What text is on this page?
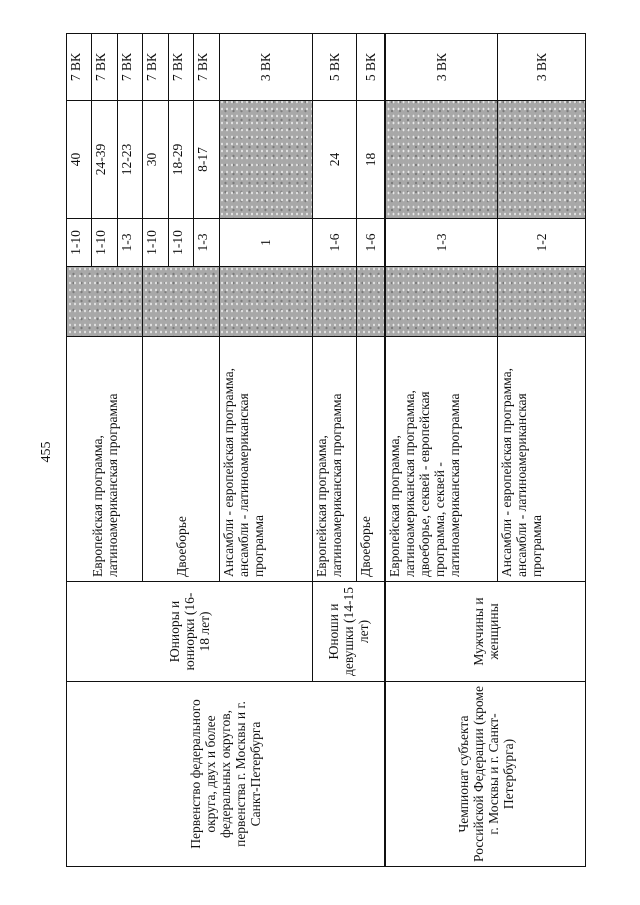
455
Первенство федерального округа, двух и более федеральных округов, первенства г. Москвы и г. Санкт-Петербурга	Юниоры и юниорки (16-18 лет)	Европейская программа, латиноамериканская программа		1-10	40	7 ВК
				1-10	24-39	7 ВК
				1-3	12-23	7 ВК
		Двоеборье		1-10	30	7 ВК
				1-10	18-29	7 ВК
				1-3	8-17	7 ВК
		Ансамбли - европейская программа, ансамбли - латиноамериканская программа		1		3 ВК
	Юноши и девушки (14-15 лет)	Европейская программа, латиноамериканская программа		1-6	24	5 ВК
		Двоеборье		1-6	18	5 ВК
Чемпионат субъекта Российской Федерации (кроме г. Москвы и г. Санкт-Петербурга)	Мужчины и женщины	Европейская программа, латиноамериканская программа, двоеборье, секвей - европейская программа, секвей - латиноамериканская программа		1-3		3 ВК
		Ансамбли - европейская программа, ансамбли - латиноамериканская программа		1-2		3 ВК
